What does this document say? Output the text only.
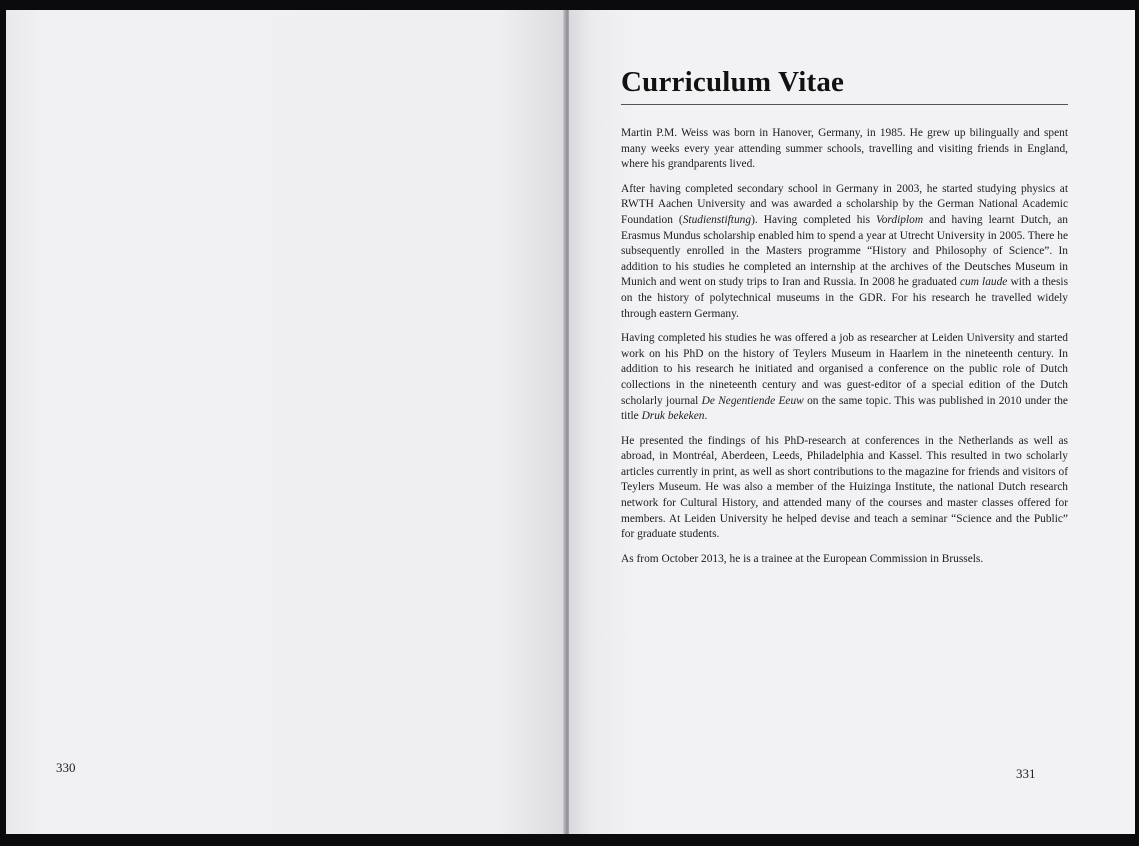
330
Curriculum Vitae

Martin P.M. Weiss was born in Hanover, Germany, in 1985. He grew up bilingually and spent many weeks every year attending summer schools, travelling and visiting friends in England, where his grandparents lived.

After having completed secondary school in Germany in 2003, he started studying physics at RWTH Aachen University and was awarded a scholarship by the German National Academic Foundation (Studienstiftung). Having completed his Vordiplom and having learnt Dutch, an Erasmus Mundus scholarship enabled him to spend a year at Utrecht University in 2005. There he subsequently enrolled in the Masters programme “History and Philosophy of Science”. In addition to his studies he completed an internship at the archives of the Deutsches Museum in Munich and went on study trips to Iran and Russia. In 2008 he graduated cum laude with a thesis on the history of polytechnical museums in the GDR. For his research he travelled widely through eastern Germany.

Having completed his studies he was offered a job as researcher at Leiden University and started work on his PhD on the history of Teylers Museum in Haarlem in the nineteenth century. In addition to his research he initiated and organised a conference on the public role of Dutch collections in the nineteenth century and was guest-editor of a special edition of the Dutch scholarly journal De Negentiende Eeuw on the same topic. This was published in 2010 under the title Druk bekeken.

He presented the findings of his PhD-research at conferences in the Netherlands as well as abroad, in Montréal, Aberdeen, Leeds, Philadelphia and Kassel. This resulted in two scholarly articles currently in print, as well as short contributions to the magazine for friends and visitors of Teylers Museum. He was also a member of the Huizinga Institute, the national Dutch research network for Cultural History, and attended many of the courses and master classes offered for members. At Leiden University he helped devise and teach a seminar “Science and the Public” for graduate students.

As from October 2013, he is a trainee at the European Commission in Brussels.

331
